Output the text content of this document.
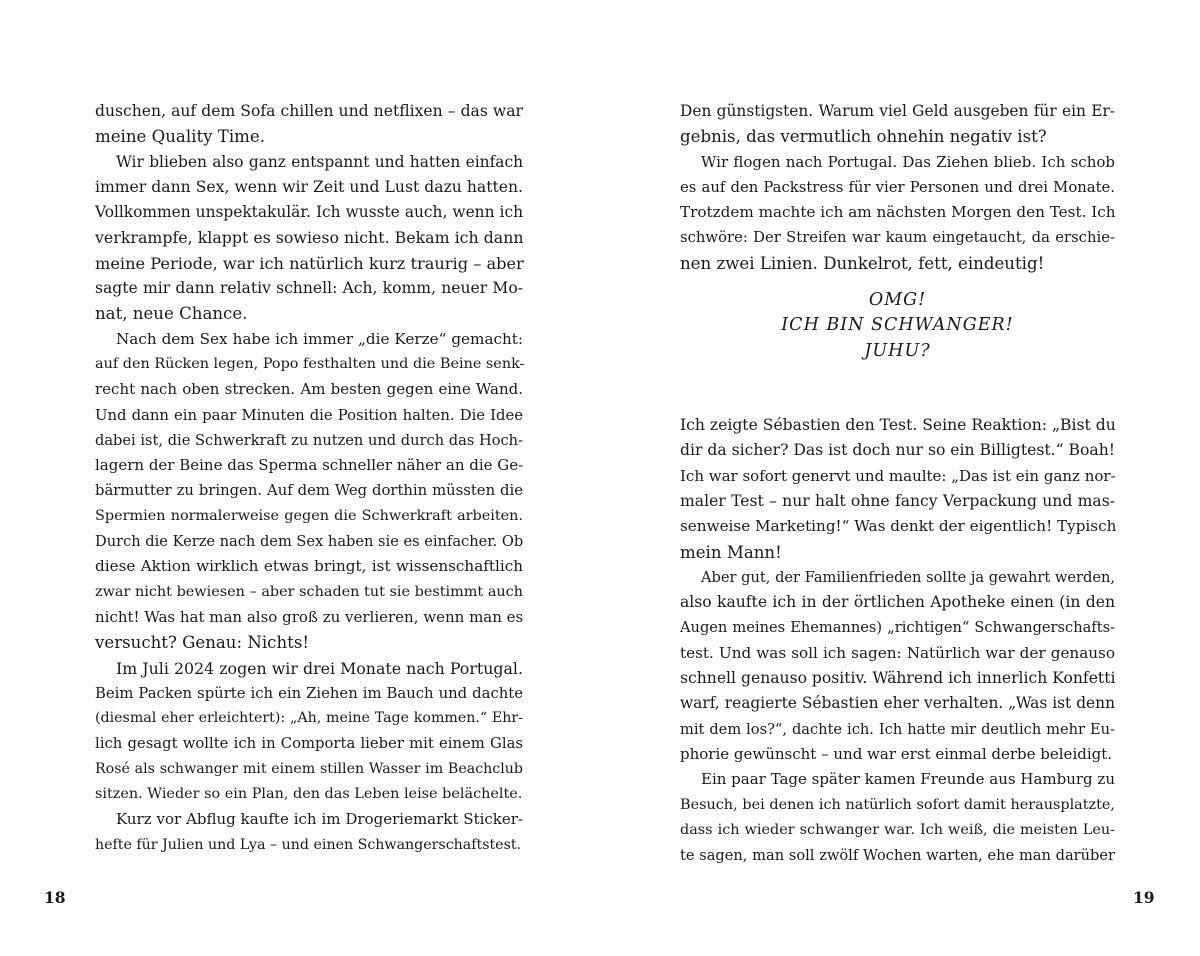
duschen, auf dem Sofa chillen und netflixen – das war
meine Quality Time.
Wir blieben also ganz entspannt und hatten einfach
immer dann Sex, wenn wir Zeit und Lust dazu hatten.
Vollkommen unspektakulär. Ich wusste auch, wenn ich
verkrampfe, klappt es sowieso nicht. Bekam ich dann
meine Periode, war ich natürlich kurz traurig – aber
sagte mir dann relativ schnell: Ach, komm, neuer Mo-
nat, neue Chance.
Nach dem Sex habe ich immer „die Kerze“ gemacht:
auf den Rücken legen, Popo festhalten und die Beine senk-
recht nach oben strecken. Am besten gegen eine Wand.
Und dann ein paar Minuten die Position halten. Die Idee
dabei ist, die Schwerkraft zu nutzen und durch das Hoch-
lagern der Beine das Sperma schneller näher an die Ge-
bärmutter zu bringen. Auf dem Weg dorthin müssten die
Spermien normalerweise gegen die Schwerkraft arbeiten.
Durch die Kerze nach dem Sex haben sie es einfacher. Ob
diese Aktion wirklich etwas bringt, ist wissenschaftlich
zwar nicht bewiesen – aber schaden tut sie bestimmt auch
nicht! Was hat man also groß zu verlieren, wenn man es
versucht? Genau: Nichts!
Im Juli 2024 zogen wir drei Monate nach Portugal.
Beim Packen spürte ich ein Ziehen im Bauch und dachte
(diesmal eher erleichtert): „Ah, meine Tage kommen.“ Ehr-
lich gesagt wollte ich in Comporta lieber mit einem Glas
Rosé als schwanger mit einem stillen Wasser im Beachclub
sitzen. Wieder so ein Plan, den das Leben leise belächelte.
Kurz vor Abflug kaufte ich im Drogeriemarkt Sticker-
hefte für Julien und Lya – und einen Schwangerschaftstest.
Den günstigsten. Warum viel Geld ausgeben für ein Er-
gebnis, das vermutlich ohnehin negativ ist?
Wir flogen nach Portugal. Das Ziehen blieb. Ich schob
es auf den Packstress für vier Personen und drei Monate.
Trotzdem machte ich am nächsten Morgen den Test. Ich
schwöre: Der Streifen war kaum eingetaucht, da erschie-
nen zwei Linien. Dunkelrot, fett, eindeutig!
OMG!
ICH BIN SCHWANGER!
JUHU?
Ich zeigte Sébastien den Test. Seine Reaktion: „Bist du
dir da sicher? Das ist doch nur so ein Billigtest.“ Boah!
Ich war sofort genervt und maulte: „Das ist ein ganz nor-
maler Test – nur halt ohne fancy Verpackung und mas-
senweise Marketing!“ Was denkt der eigentlich! Typisch
mein Mann!
Aber gut, der Familienfrieden sollte ja gewahrt werden,
also kaufte ich in der örtlichen Apotheke einen (in den
Augen meines Ehemannes) „richtigen“ Schwangerschafts-
test. Und was soll ich sagen: Natürlich war der genauso
schnell genauso positiv. Während ich innerlich Konfetti
warf, reagierte Sébastien eher verhalten. „Was ist denn
mit dem los?“, dachte ich. Ich hatte mir deutlich mehr Eu-
phorie gewünscht – und war erst einmal derbe beleidigt.
Ein paar Tage später kamen Freunde aus Hamburg zu
Besuch, bei denen ich natürlich sofort damit herausplatzte,
dass ich wieder schwanger war. Ich weiß, die meisten Leu-
te sagen, man soll zwölf Wochen warten, ehe man darüber
18	19
